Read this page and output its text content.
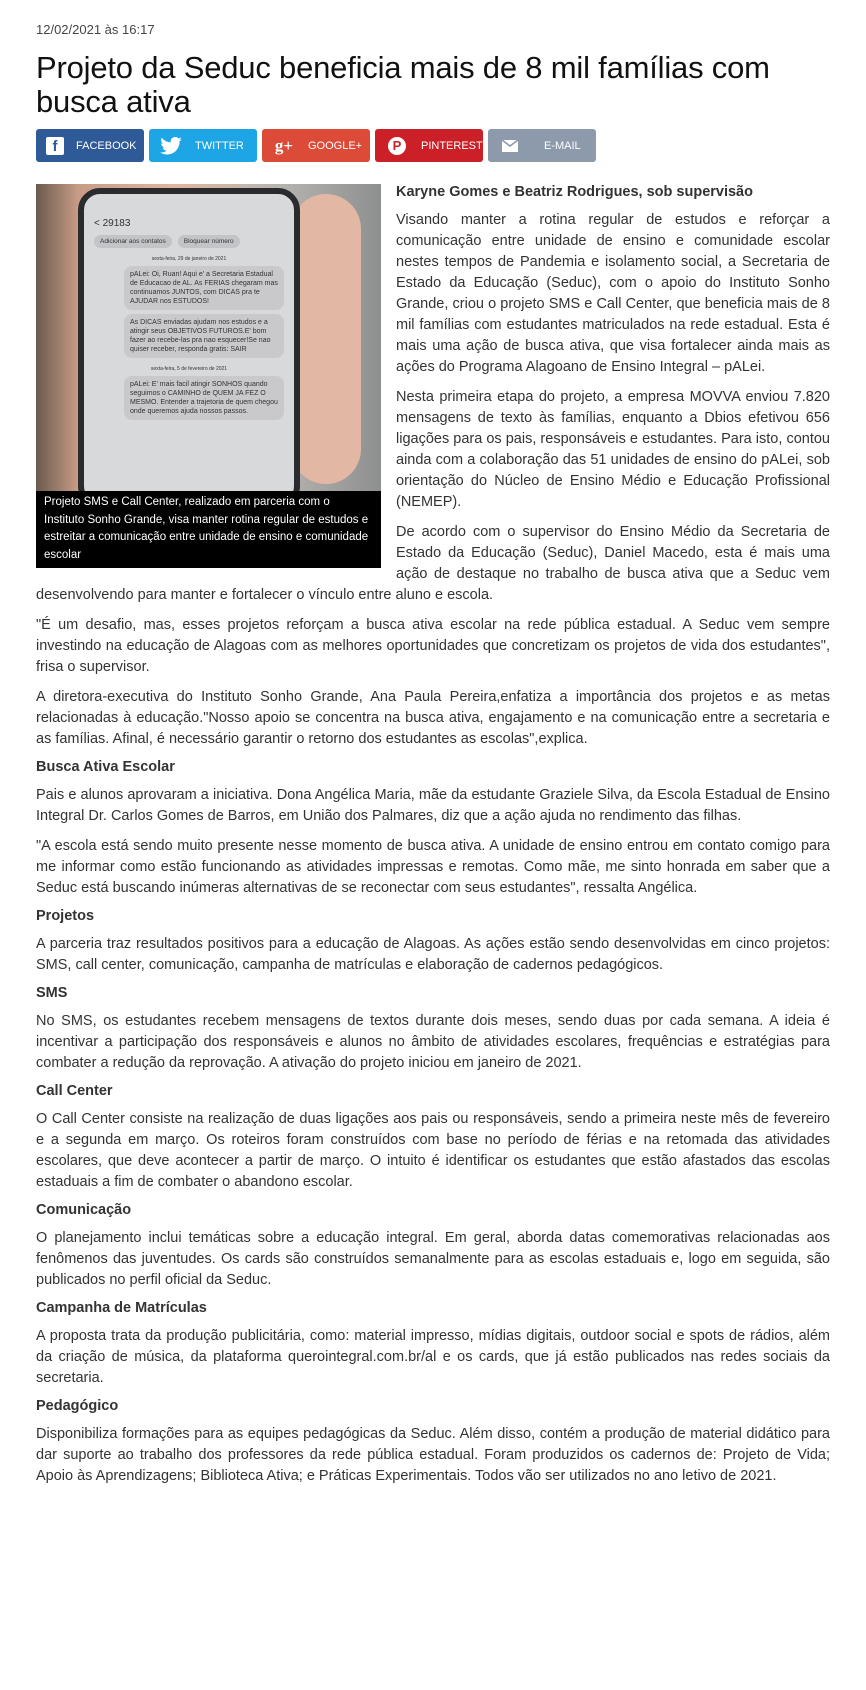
12/02/2021 às 16:17
Projeto da Seduc beneficia mais de 8 mil famílias com busca ativa
f	FACEBOOK	TWITTER g+ GOOGLE+	P	PINTEREST	E-MAIL
< 29183
Adicionar aos contatos	Bloquear número
sexta-feira, 29 de janeiro de 2021
pALei: Oi, Ruan! Aqui e' a Secretaria Estadual de Educacao de AL. As FERIAS chegaram mas continuamos JUNTOS, com DICAS pra te AJUDAR nos ESTUDOS!
As DICAS enviadas ajudam nos estudos e a atingir seus OBJETIVOS FUTUROS.E' bom fazer ao recebe-las pra nao esquecer!Se nao quiser receber, responda gratis: SAIR
sexta-feira, 5 de fevereiro de 2021
pALei: E' mais facil atingir SONHOS quando seguimos o CAMINHO de QUEM JA FEZ O MESMO. Entender a trajetoria de quem chegou onde queremos ajuda nossos passos.
Projeto SMS e Call Center, realizado em parceria com o Instituto Sonho Grande, visa manter rotina regular de estudos e estreitar a comunicação entre unidade de ensino e comunidade escolar
Karyne Gomes e Beatriz Rodrigues, sob supervisão

Visando manter a rotina regular de estudos e reforçar a comunicação entre unidade de ensino e comunidade escolar nestes tempos de Pandemia e isolamento social, a Secretaria de Estado da Educação (Seduc), com o apoio do Instituto Sonho Grande, criou o projeto SMS e Call Center, que beneficia mais de 8 mil famílias com estudantes matriculados na rede estadual. Esta é mais uma ação de busca ativa, que visa fortalecer ainda mais as ações do Programa Alagoano de Ensino Integral – pALei.

Nesta primeira etapa do projeto, a empresa MOVVA enviou 7.820 mensagens de texto às famílias, enquanto a Dbios efetivou 656 ligações para os pais, responsáveis e estudantes. Para isto, contou ainda com a colaboração das 51 unidades de ensino do pALei, sob orientação do Núcleo de Ensino Médio e Educação Profissional (NEMEP).

De acordo com o supervisor do Ensino Médio da Secretaria de Estado da Educação (Seduc), Daniel Macedo, esta é mais uma ação de destaque no trabalho de busca ativa que a Seduc vem desenvolvendo para manter e fortalecer o vínculo entre aluno e escola.

"É um desafio, mas, esses projetos reforçam a busca ativa escolar na rede pública estadual. A Seduc vem sempre investindo na educação de Alagoas com as melhores oportunidades que concretizam os projetos de vida dos estudantes", frisa o supervisor.

A diretora-executiva do Instituto Sonho Grande, Ana Paula Pereira,enfatiza a importância dos projetos e as metas relacionadas à educação."Nosso apoio se concentra na busca ativa, engajamento e na comunicação entre a secretaria e as famílias. Afinal, é necessário garantir o retorno dos estudantes as escolas",explica.

Busca Ativa Escolar

Pais e alunos aprovaram a iniciativa. Dona Angélica Maria, mãe da estudante Graziele Silva, da Escola Estadual de Ensino Integral Dr. Carlos Gomes de Barros, em União dos Palmares, diz que a ação ajuda no rendimento das filhas.

"A escola está sendo muito presente nesse momento de busca ativa. A unidade de ensino entrou em contato comigo para me informar como estão funcionando as atividades impressas e remotas. Como mãe, me sinto honrada em saber que a Seduc está buscando inúmeras alternativas de se reconectar com seus estudantes", ressalta Angélica.

Projetos

A parceria traz resultados positivos para a educação de Alagoas. As ações estão sendo desenvolvidas em cinco projetos: SMS, call center, comunicação, campanha de matrículas e elaboração de cadernos pedagógicos.

SMS

No SMS, os estudantes recebem mensagens de textos durante dois meses, sendo duas por cada semana. A ideia é incentivar a participação dos responsáveis e alunos no âmbito de atividades escolares, frequências e estratégias para combater a redução da reprovação. A ativação do projeto iniciou em janeiro de 2021.

Call Center

O Call Center consiste na realização de duas ligações aos pais ou responsáveis, sendo a primeira neste mês de fevereiro e a segunda em março. Os roteiros foram construídos com base no período de férias e na retomada das atividades escolares, que deve acontecer a partir de março. O intuito é identificar os estudantes que estão afastados das escolas estaduais a fim de combater o abandono escolar.

Comunicação

O planejamento inclui temáticas sobre a educação integral. Em geral, aborda datas comemorativas relacionadas aos fenômenos das juventudes. Os cards são construídos semanalmente para as escolas estaduais e, logo em seguida, são publicados no perfil oficial da Seduc.

Campanha de Matrículas

A proposta trata da produção publicitária, como: material impresso, mídias digitais, outdoor social e spots de rádios, além da criação de música, da plataforma querointegral.com.br/al e os cards, que já estão publicados nas redes sociais da secretaria.

Pedagógico

Disponibiliza formações para as equipes pedagógicas da Seduc. Além disso, contém a produção de material didático para dar suporte ao trabalho dos professores da rede pública estadual. Foram produzidos os cadernos de: Projeto de Vida; Apoio às Aprendizagens; Biblioteca Ativa; e Práticas Experimentais. Todos vão ser utilizados no ano letivo de 2021.
